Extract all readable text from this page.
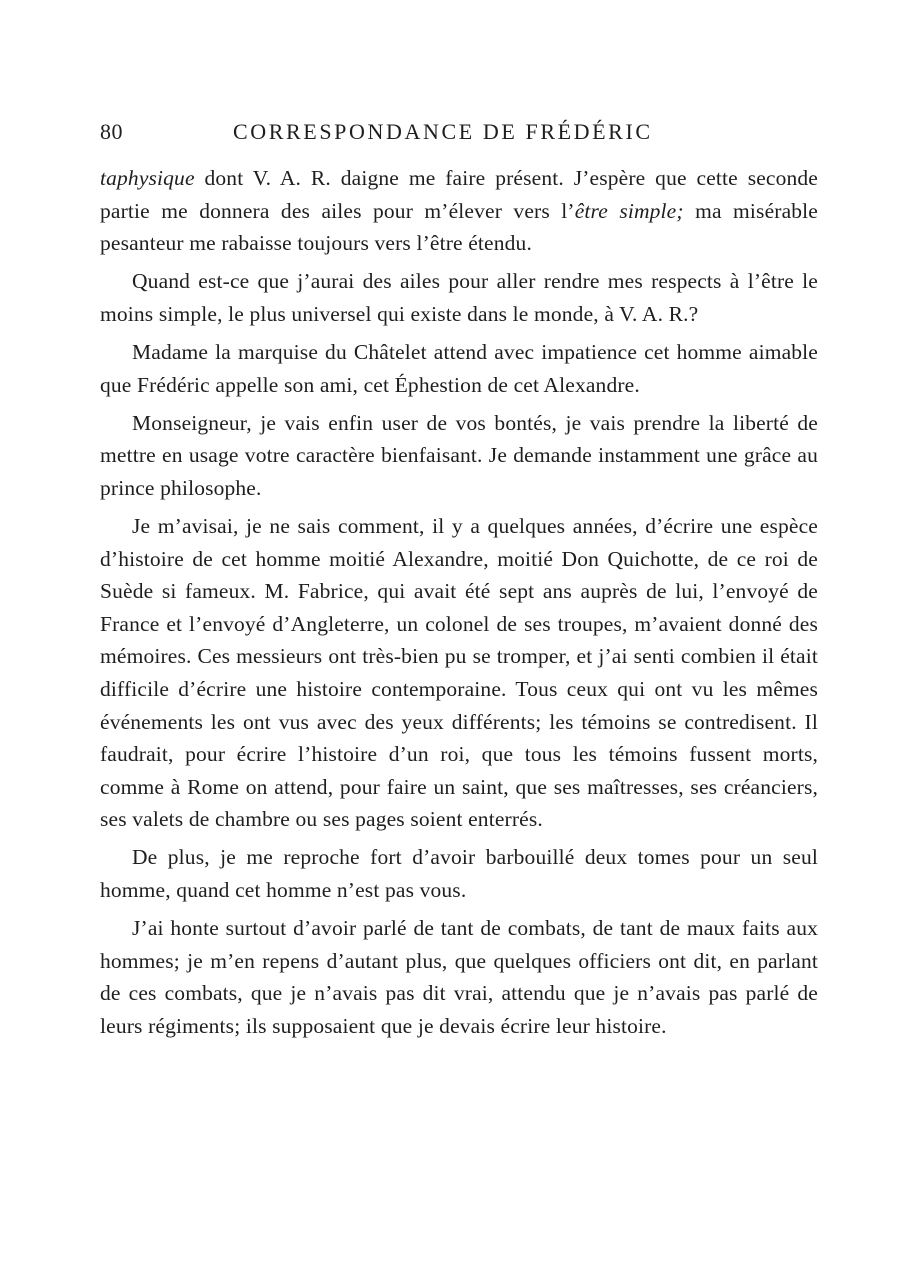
80	CORRESPONDANCE DE FRÉDÉRIC

taphysique dont V. A. R. daigne me faire présent. J’espère que cette seconde partie me donnera des ailes pour m’élever vers l’être simple; ma misérable pesanteur me rabaisse toujours vers l’être étendu.

Quand est-ce que j’aurai des ailes pour aller rendre mes respects à l’être le moins simple, le plus universel qui existe dans le monde, à V. A. R.?

Madame la marquise du Châtelet attend avec impatience cet homme aimable que Frédéric appelle son ami, cet Éphestion de cet Alexandre.

Monseigneur, je vais enfin user de vos bontés, je vais prendre la liberté de mettre en usage votre caractère bienfaisant. Je demande instamment une grâce au prince philosophe.

Je m’avisai, je ne sais comment, il y a quelques années, d’écrire une espèce d’histoire de cet homme moitié Alexandre, moitié Don Quichotte, de ce roi de Suède si fameux. M. Fabrice, qui avait été sept ans auprès de lui, l’envoyé de France et l’envoyé d’Angleterre, un colonel de ses troupes, m’avaient donné des mémoires. Ces messieurs ont très-bien pu se tromper, et j’ai senti combien il était difficile d’écrire une histoire contemporaine. Tous ceux qui ont vu les mêmes événements les ont vus avec des yeux différents; les témoins se contredisent. Il faudrait, pour écrire l’histoire d’un roi, que tous les témoins fussent morts, comme à Rome on attend, pour faire un saint, que ses maîtresses, ses créanciers, ses valets de chambre ou ses pages soient enterrés.

De plus, je me reproche fort d’avoir barbouillé deux tomes pour un seul homme, quand cet homme n’est pas vous.

J’ai honte surtout d’avoir parlé de tant de combats, de tant de maux faits aux hommes; je m’en repens d’autant plus, que quelques officiers ont dit, en parlant de ces combats, que je n’avais pas dit vrai, attendu que je n’avais pas parlé de leurs régiments; ils supposaient que je devais écrire leur histoire.
